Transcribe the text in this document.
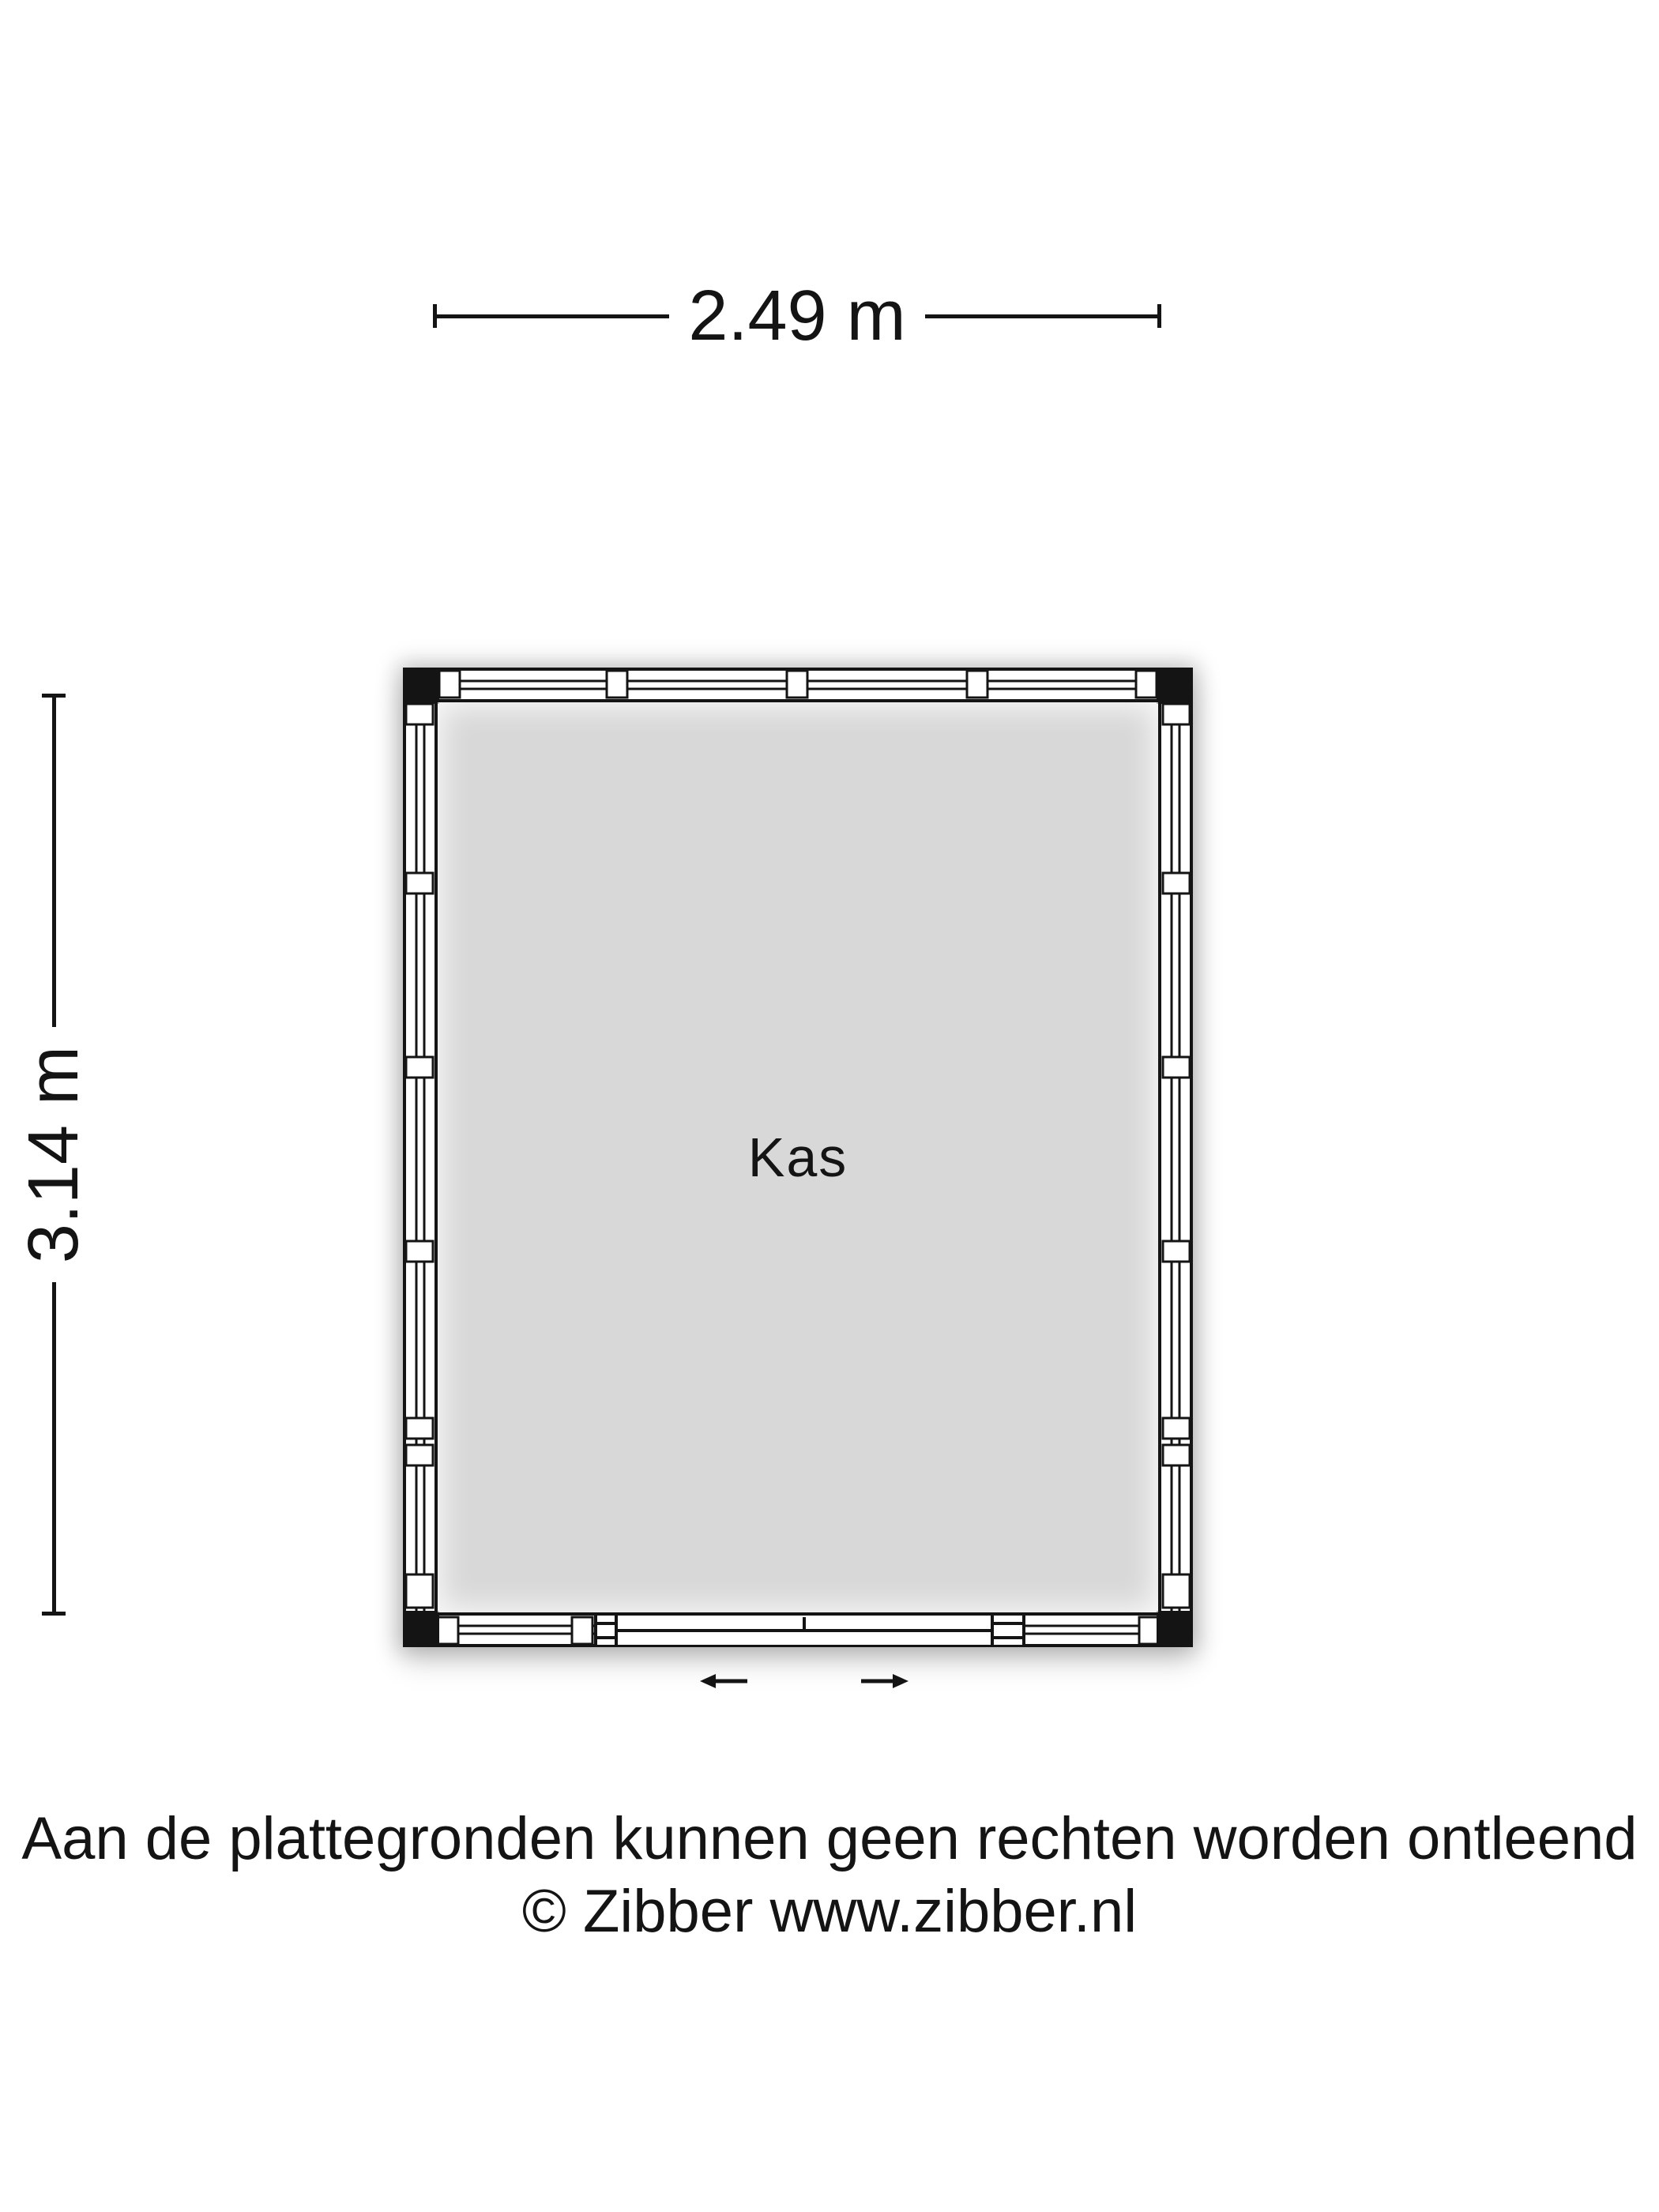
2.49 m
3.14 m	Kas
Aan de plattegronden kunnen geen rechten worden ontleend
© Zibber www.zibber.nl
